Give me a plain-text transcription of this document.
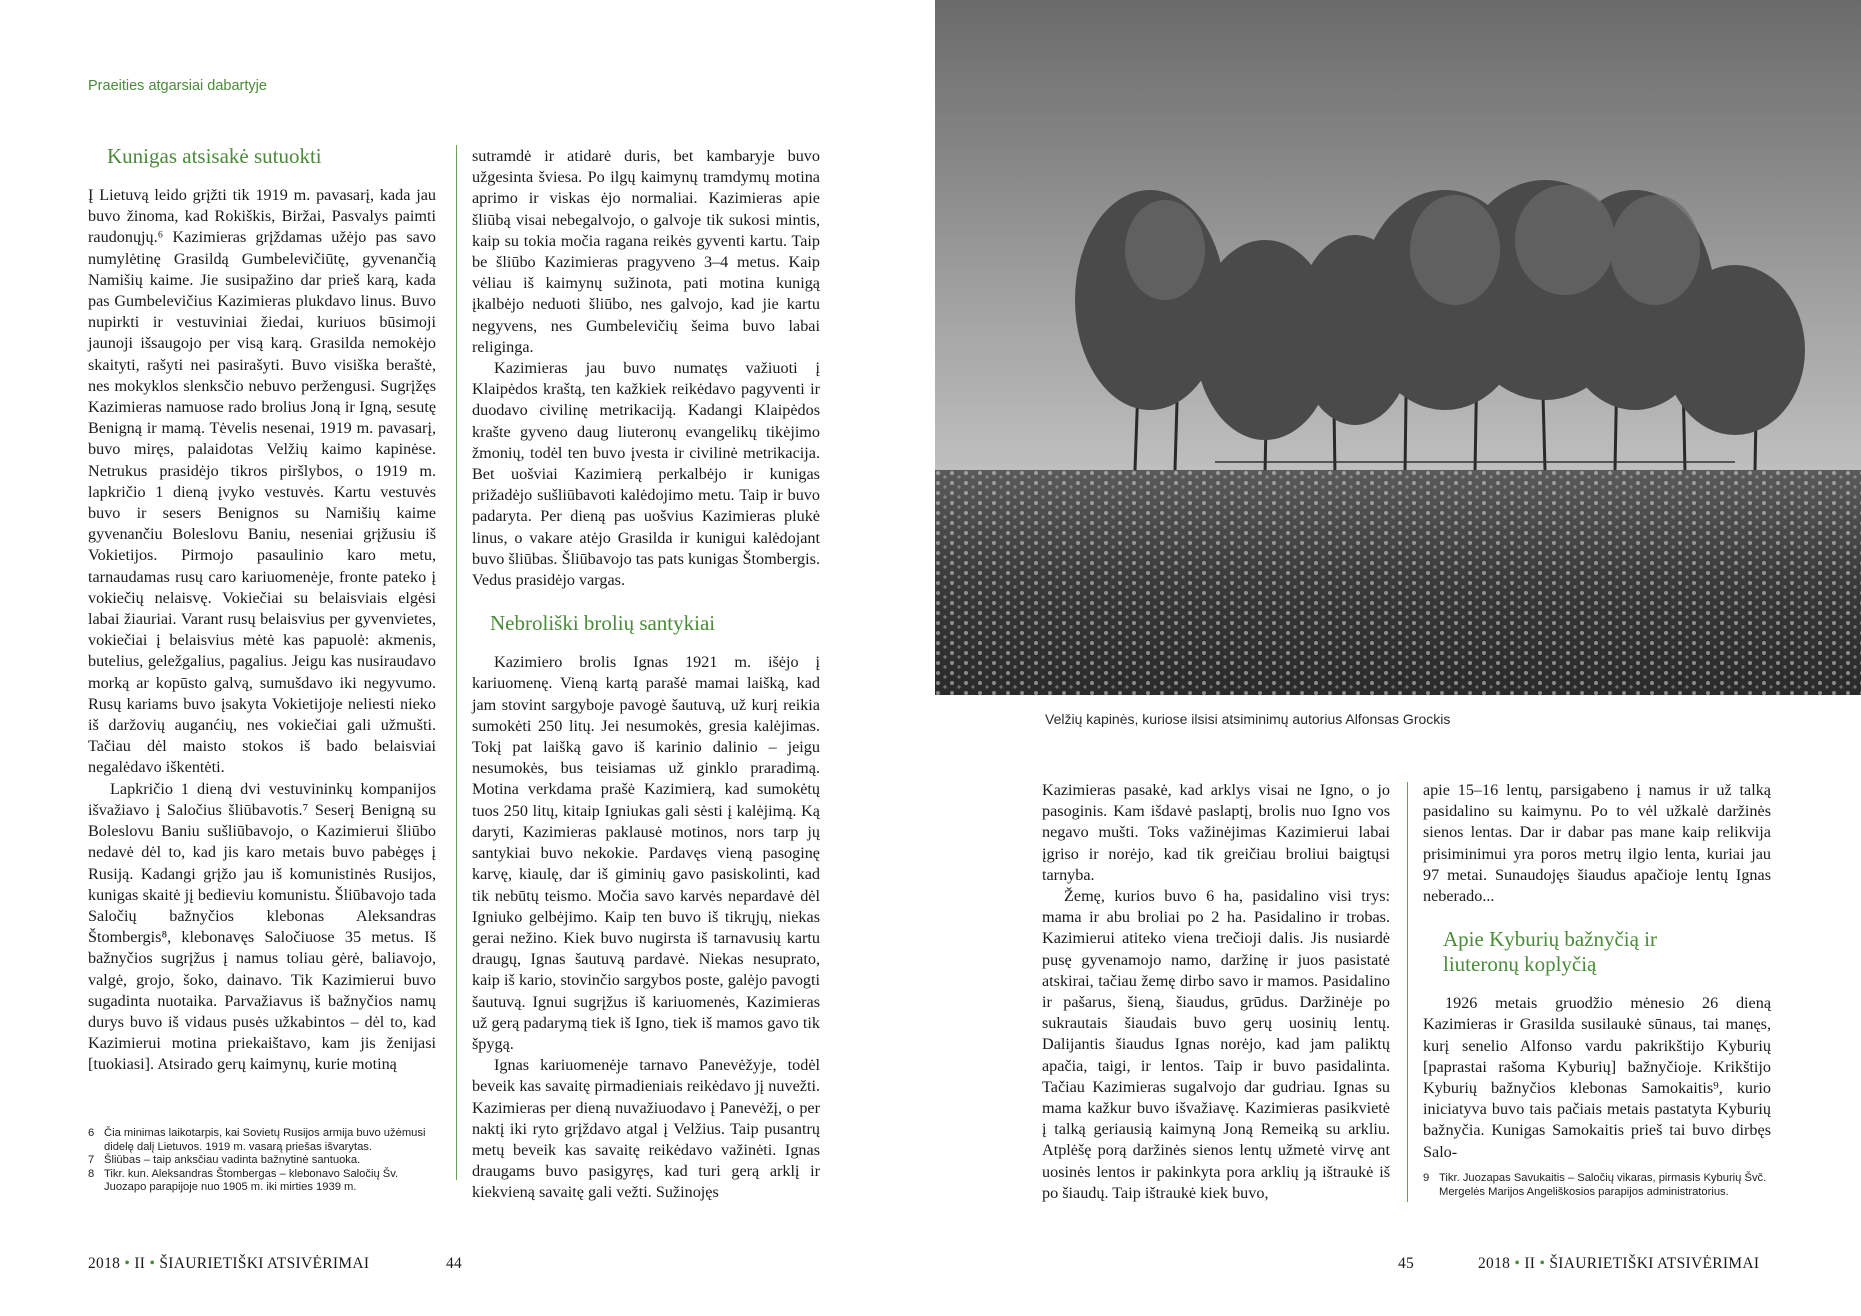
Praeities atgarsiai dabartyje
Kunigas atsisakė sutuokti

Į Lietuvą leido grįžti tik 1919 m. pavasarį, kada jau buvo žinoma, kad Rokiškis, Biržai, Pasvalys paimti raudonųjų.⁶ Kazimieras grįždamas užėjo pas savo numylėtinę Grasildą Gumbelevičiūtę, gyvenančią Namišių kaime. Jie susipažino dar prieš karą, kada pas Gumbelevičius Kazimieras plukdavo linus. Buvo nupirkti ir vestuviniai žiedai, kuriuos būsimoji jaunoji išsaugojo per visą karą. Grasilda nemokėjo skaityti, rašyti nei pasirašyti. Buvo visiška beraštė, nes mokyklos slenksčio nebuvo peržengusi. Sugrįžęs Kazimieras namuose rado brolius Joną ir Igną, sesutę Benigną ir mamą. Tėvelis nesenai, 1919 m. pavasarį, buvo miręs, palaidotas Velžių kaimo kapinėse. Netrukus prasidėjo tikros piršlybos, o 1919 m. lapkričio 1 dieną įvyko vestuvės. Kartu vestuvės buvo ir sesers Benignos su Namišių kaime gyvenančiu Boleslovu Baniu, neseniai grįžusiu iš Vokietijos. Pirmojo pasaulinio karo metu, tarnaudamas rusų caro kariuomenėje, fronte pateko į vokiečių nelaisvę. Vokiečiai su belaisviais elgėsi labai žiauriai. Varant rusų belaisvius per gyvenvietes, vokiečiai į belaisvius mėtė kas papuolė: akmenis, butelius, geležgalius, pagalius. Jeigu kas nusiraudavo morką ar kopūsto galvą, sumušdavo iki negyvumo. Rusų kariams buvo įsakyta Vokietijoje neliesti nieko iš daržovių auganćių, nes vokiečiai gali užmušti. Tačiau dėl maisto stokos iš bado belaisviai negalėdavo iškentėti.

Lapkričio 1 dieną dvi vestuvininkų kompanijos išvažiavo į Saločius šliūbavotis.⁷ Seserį Benigną su Boleslovu Baniu sušliūbavojo, o Kazimierui šliūbo nedavė dėl to, kad jis karo metais buvo pabėgęs į Rusiją. Kadangi grįžo jau iš komunistinės Rusijos, kunigas skaitė jį bedieviu komunistu. Šliūbavojo tada Saločių bažnyčios klebonas Aleksandras Štombergis⁸, klebonavęs Saločiuose 35 metus. Iš bažnyčios sugrįžus į namus toliau gėrė, baliavojo, valgė, grojo, šoko, dainavo. Tik Kazimierui buvo sugadinta nuotaika. Parvažiavus iš bažnyčios namų durys buvo iš vidaus pusės užkabintos – dėl to, kad Kazimierui motina priekaištavo, kam jis ženijasi [tuokiasi]. Atsirado gerų kaimynų, kurie motiną

sutramdė ir atidarė duris, bet kambaryje buvo užgesinta šviesa. Po ilgų kaimynų tramdymų motina aprimo ir viskas ėjo normaliai. Kazimieras apie šliūbą visai nebegalvojo, o galvoje tik sukosi mintis, kaip su tokia močia ragana reikės gyventi kartu. Taip be šliūbo Kazimieras pragyveno 3–4 metus. Kaip vėliau iš kaimynų sužinota, pati motina kunigą įkalbėjo neduoti šliūbo, nes galvojo, kad jie kartu negyvens, nes Gumbelevičių šeima buvo labai religinga.

Kazimieras jau buvo numatęs važiuoti į Klaipėdos kraštą, ten kažkiek reikėdavo pagyventi ir duodavo civilinę metrikaciją. Kadangi Klaipėdos krašte gyveno daug liuteronų evangelikų tikėjimo žmonių, todėl ten buvo įvesta ir civilinė metrikacija. Bet uošviai Kazimierą perkalbėjo ir kunigas prižadėjo sušliūbavoti kalėdojimo metu. Taip ir buvo padaryta. Per dieną pas uošvius Kazimieras plukė linus, o vakare atėjo Grasilda ir kunigui kalėdojant buvo šliūbas. Šliūbavojo tas pats kunigas Štombergis. Vedus prasidėjo vargas.

Nebroliški brolių santykiai

Kazimiero brolis Ignas 1921 m. išėjo į kariuomenę. Vieną kartą parašė mamai laišką, kad jam stovint sargyboje pavogė šautuvą, už kurį reikia sumokėti 250 litų. Jei nesumokės, gresia kalėjimas. Tokį pat laišką gavo iš karinio dalinio – jeigu nesumokės, bus teisiamas už ginklo praradimą. Motina verkdama prašė Kazimierą, kad sumokėtų tuos 250 litų, kitaip Igniukas gali sėsti į kalėjimą. Ką daryti, Kazimieras paklausė motinos, nors tarp jų santykiai buvo nekokie. Pardavęs vieną pasoginę karvę, kiaulę, dar iš giminių gavo pasiskolinti, kad tik nebūtų teismo. Močia savo karvės nepardavė dėl Igniuko gelbėjimo. Kaip ten buvo iš tikrųjų, niekas gerai nežino. Kiek buvo nugirsta iš tarnavusių kartu draugų, Ignas šautuvą pardavė. Niekas nesuprato, kaip iš kario, stovinčio sargybos poste, galėjo pavogti šautuvą. Ignui sugrįžus iš kariuomenės, Kazimieras už gerą padarymą tiek iš Igno, tiek iš mamos gavo tik špygą.

Ignas kariuomenėje tarnavo Panevėžyje, todėl beveik kas savaitę pirmadieniais reikėdavo jį nuvežti. Kazimieras per dieną nuvažiuodavo į Panevėžį, o per naktį iki ryto grįždavo atgal į Velžius. Taip pusantrų metų beveik kas savaitę reikėdavo važinėti. Ignas draugams buvo pasigyręs, kad turi gerą arklį ir kiekvieną savaitę gali vežti. Sužinojęs

6 Čia minimas laikotarpis, kai Sovietų Rusijos armija buvo užėmusi didelę dalį Lietuvos. 1919 m. vasarą priešas išvarytas.
7 Šliūbas – taip anksčiau vadinta bažnytinė santuoka.
8 Tikr. kun. Aleksandras Štombergas – klebonavo Saločių Šv. Juozapo parapijoje nuo 1905 m. iki mirties 1939 m.
2018 • II • ŠIAURIETIŠKI ATSIVĖRIMAI	44
Velžių kapinės, kuriose ilsisi atsiminimų autorius Alfonsas Grockis

Kazimieras pasakė, kad arklys visai ne Igno, o jo pasoginis. Kam išdavė paslaptį, brolis nuo Igno vos negavo mušti. Toks važinėjimas Kazimierui labai įgriso ir norėjo, kad tik greičiau broliui baigtųsi tarnyba.

Žemę, kurios buvo 6 ha, pasidalino visi trys: mama ir abu broliai po 2 ha. Pasidalino ir trobas. Kazimierui atiteko viena trečioji dalis. Jis nusiardė pusę gyvenamojo namo, daržinę ir juos pasistatė atskirai, tačiau žemę dirbo savo ir mamos. Pasidalino ir pašarus, šieną, šiaudus, grūdus. Daržinėje po sukrautais šiaudais buvo gerų uosinių lentų. Dalijantis šiaudus Ignas norėjo, kad jam paliktų apačia, taigi, ir lentos. Taip ir buvo pasidalinta. Tačiau Kazimieras sugalvojo dar gudriau. Ignas su mama kažkur buvo išvažiavę. Kazimieras pasikvietė į talką geriausią kaimyną Joną Remeiką su arkliu. Atplėšę porą daržinės sienos lentų užmetė virvę ant uosinės lentos ir pakinkyta pora arklių ją ištraukė iš po šiaudų. Taip ištraukė kiek buvo,

apie 15–16 lentų, parsigabeno į namus ir už talką pasidalino su kaimynu. Po to vėl užkalė daržinės sienos lentas. Dar ir dabar pas mane kaip relikvija prisiminimui yra poros metrų ilgio lenta, kuriai jau 97 metai. Sunaudojęs šiaudus apačioje lentų Ignas neberado...

Apie Kyburių bažnyčią ir liuteronų koplyčią

1926 metais gruodžio mėnesio 26 dieną Kazimieras ir Grasilda susilaukė sūnaus, tai manęs, kurį senelio Alfonso vardu pakrikštijo Kyburių [paprastai rašoma Kyburių] bažnyčioje. Krikštijo Kyburių bažnyčios klebonas Samokaitis⁹, kurio iniciatyva buvo tais pačiais metais pastatyta Kyburių bažnyčia. Kunigas Samokaitis prieš tai buvo dirbęs Salo-

9 Tikr. Juozapas Savukaitis – Saločių vikaras, pirmasis Kyburių Švč. Mergelės Marijos Angeliškosios parapijos administratorius.
45	2018 • II • ŠIAURIETIŠKI ATSIVĖRIMAI
